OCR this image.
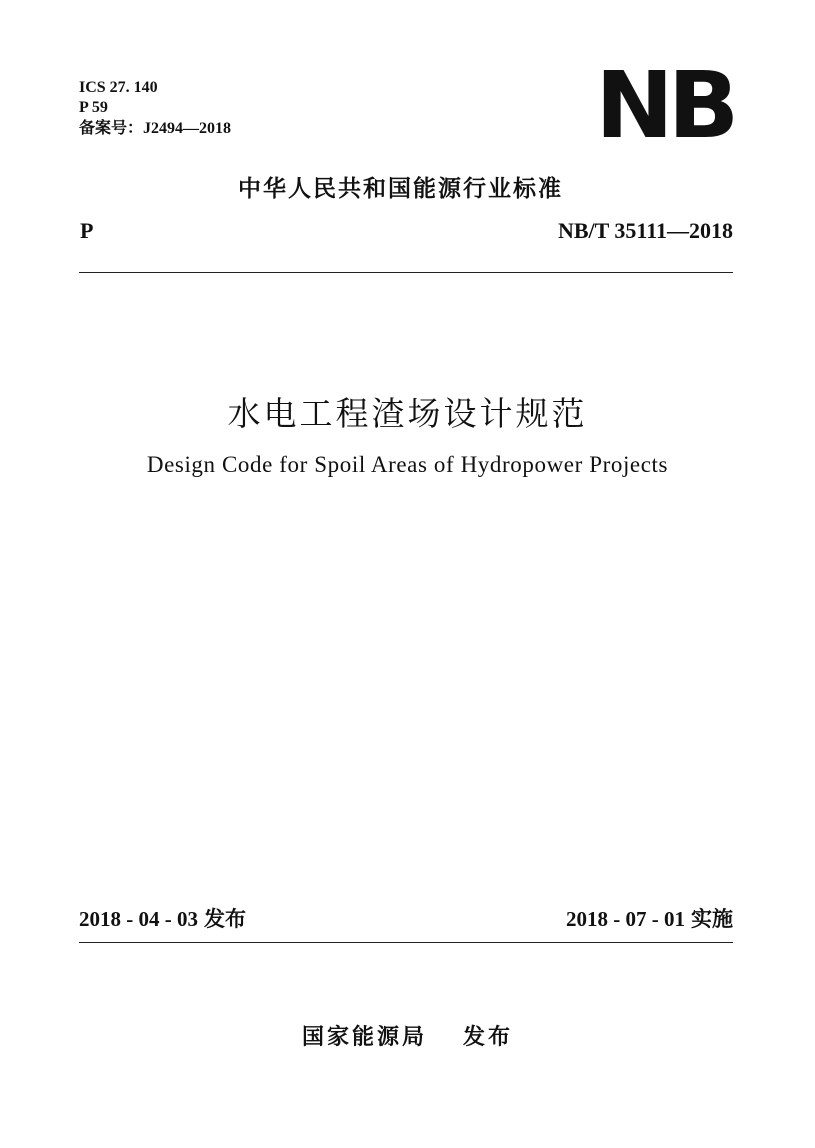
ICS 27. 140
P 59
备案号：J2494—2018	NB
中华人民共和国能源行业标准
P	NB/T 35111—2018
水电工程渣场设计规范
Design Code for Spoil Areas of Hydropower Projects
2018 - 04 - 03 发布	2018 - 07 - 01 实施
国家能源局 发布
